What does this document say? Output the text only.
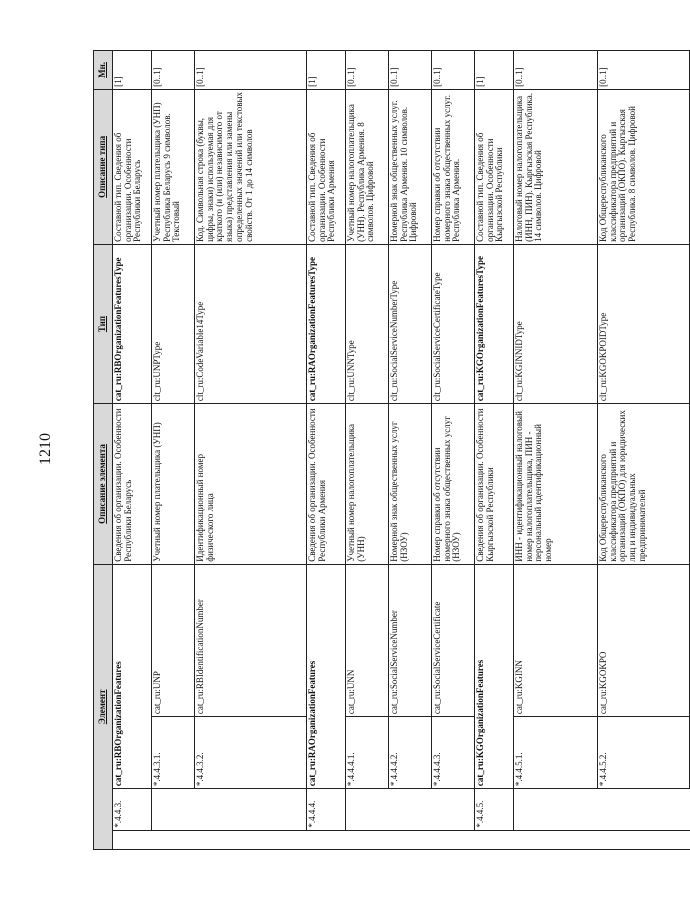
1210
Элемент				Описание элемента	Тип	Описание типа	Мн.
	*.4.4.3.	cat_ru:RBOrganizationFeatures		Сведения об организации. Особенности Республики Беларусь	cat_ru:RBOrganizationFeaturesType	Составной тип. Сведения об организации. Особенности Республики Беларусь	[1]
		*.4.4.3.1.	cat_ru:UNP	Учетный номер плательщика (УНП)	clt_ru:UNPType	Учетный номер плательщика (УНП) Республика Беларусь 9 символов. Текстовый	[0..1]
		*.4.4.3.2.	cat_ru:RBIdentificationNumber	Идентификационный номер физического лица	clt_ru:CodeVariable14Type	Код. Символьная строка (буквы, цифры, знаки) используемая для краткого (и (или) независимого от языка) представления или замены определенных значений или текстовых свойств. От 1 до 14 символов	[0..1]
	*.4.4.4.	cat_ru:RAOrganizationFeatures		Сведения об организации. Особенности Республики Армения	cat_ru:RAOrganizationFeaturesType	Составной тип. Сведения об организации. Особенности Республики Армения	[1]
		*.4.4.4.1.	cat_ru:UNN	Учетный номер налогоплательщика (УНН)	clt_ru:UNNType	Учетный номер налогоплательщика (УНН). Республика Армения. 8 символов. Цифровой	[0..1]
		*.4.4.4.2.	cat_ru:SocialServiceNumber	Номерной знак общественных услуг (НЗОУ)	clt_ru:SocialServiceNumberType	Номерной знак общественных услуг. Республика Армения. 10 символов. Цифровой	[0..1]
		*.4.4.4.3.	cat_ru:SocialServiceCertificate	Номер справки об отсутствии номерного знака общественных услуг (НЗОУ)	clt_ru:SocialServiceCertificateType	Номер справки об отсутствии номерного знака общественных услуг. Республика Армения.	[0..1]
	*.4.4.5.	cat_ru:KGOrganizationFeatures		Сведения об организации. Особенности Кыргызской Республики	cat_ru:KGOrganizationFeaturesType	Составной тип. Сведения об организации. Особенности Кыргызской Республики	[1]
		*.4.4.5.1.	cat_ru:KGINN	ИНН - идентификационный налоговый номер налогоплательщика, ПИН - персональный идентификационный номер	clt_ru:KGINNIDType	Налоговый номер налогоплательщика (ИНН, ПИН). Кыргызская Республика. 14 символов. Цифровой	[0..1]
		*.4.4.5.2.	cat_ru:KGOKPO	Код Общереспубликанского классификатора предприятий и организаций (ОКПО) для юридических лиц и индивидуальных предпринимателей	clt_ru:KGOKPOIDType	Код Общереспубликанского классификатора предприятий и организаций (ОКПО). Кыргызская Республика. 8 символов. Цифровой	[0..1]
